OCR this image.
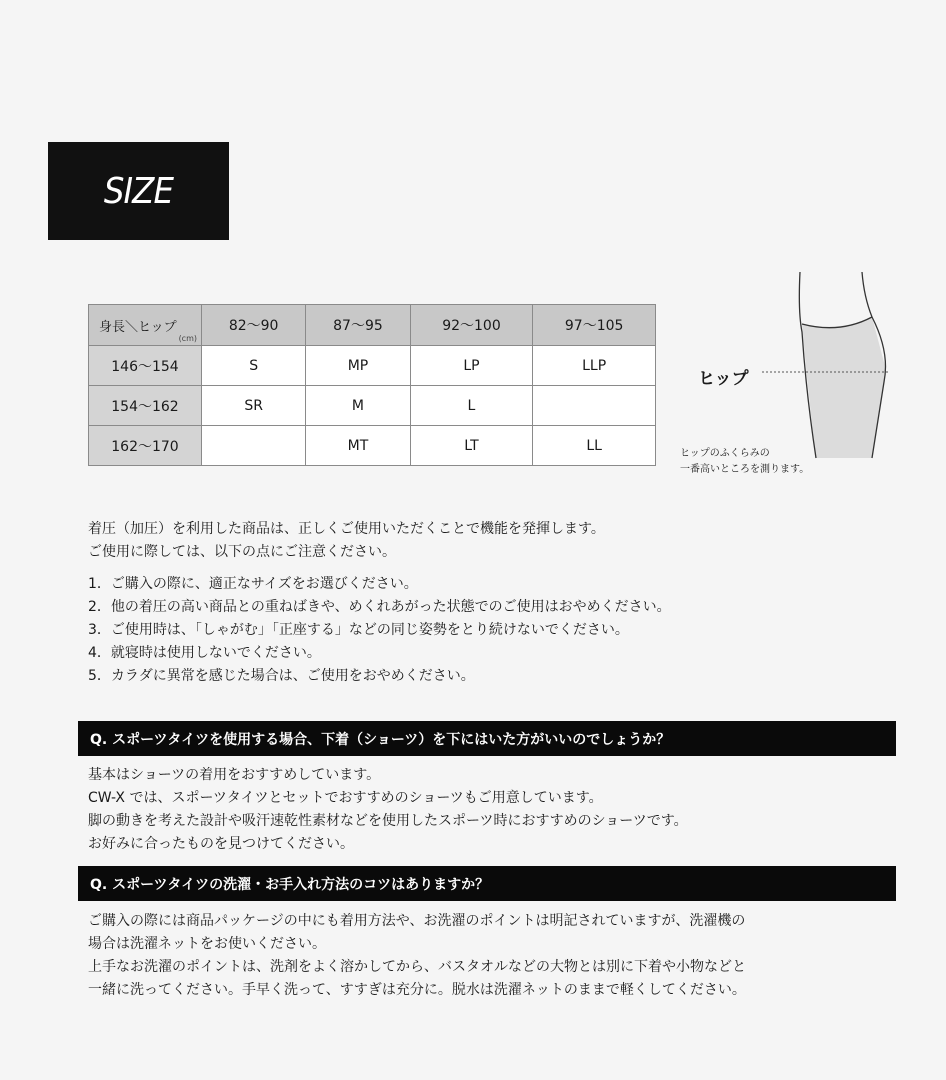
SIZE
身長＼ヒップ
(cm)	82〜90	87〜95	92〜100	97〜105
146〜154	S	MP	LP	LLP
154〜162	SR	M	L	
162〜170		MT	LT	LL
ヒップ
ヒップのふくらみの
一番高いところを測ります。

着圧（加圧）を利用した商品は、正しくご使用いただくことで機能を発揮します。

ご使用に際しては、以下の点にご注意ください。

1．ご購入の際に、適正なサイズをお選びください。

2．他の着圧の高い商品との重ねばきや、めくれあがった状態でのご使用はおやめください。

3．ご使用時は、「しゃがむ」「正座する」などの同じ姿勢をとり続けないでください。

4．就寝時は使用しないでください。

5．カラダに異常を感じた場合は、ご使用をおやめください。

Q. スポーツタイツを使用する場合、下着（ショーツ）を下にはいた方がいいのでしょうか？

基本はショーツの着用をおすすめしています。

CW-X では、スポーツタイツとセットでおすすめのショーツもご用意しています。

脚の動きを考えた設計や吸汗速乾性素材などを使用したスポーツ時におすすめのショーツです。

お好みに合ったものを見つけてください。

Q. スポーツタイツの洗濯・お手入れ方法のコツはありますか？

ご購入の際には商品パッケージの中にも着用方法や、お洗濯のポイントは明記されていますが、洗濯機の

場合は洗濯ネットをお使いください。

上手なお洗濯のポイントは、洗剤をよく溶かしてから、バスタオルなどの大物とは別に下着や小物などと

一緒に洗ってください。手早く洗って、すすぎは充分に。脱水は洗濯ネットのままで軽くしてください。
